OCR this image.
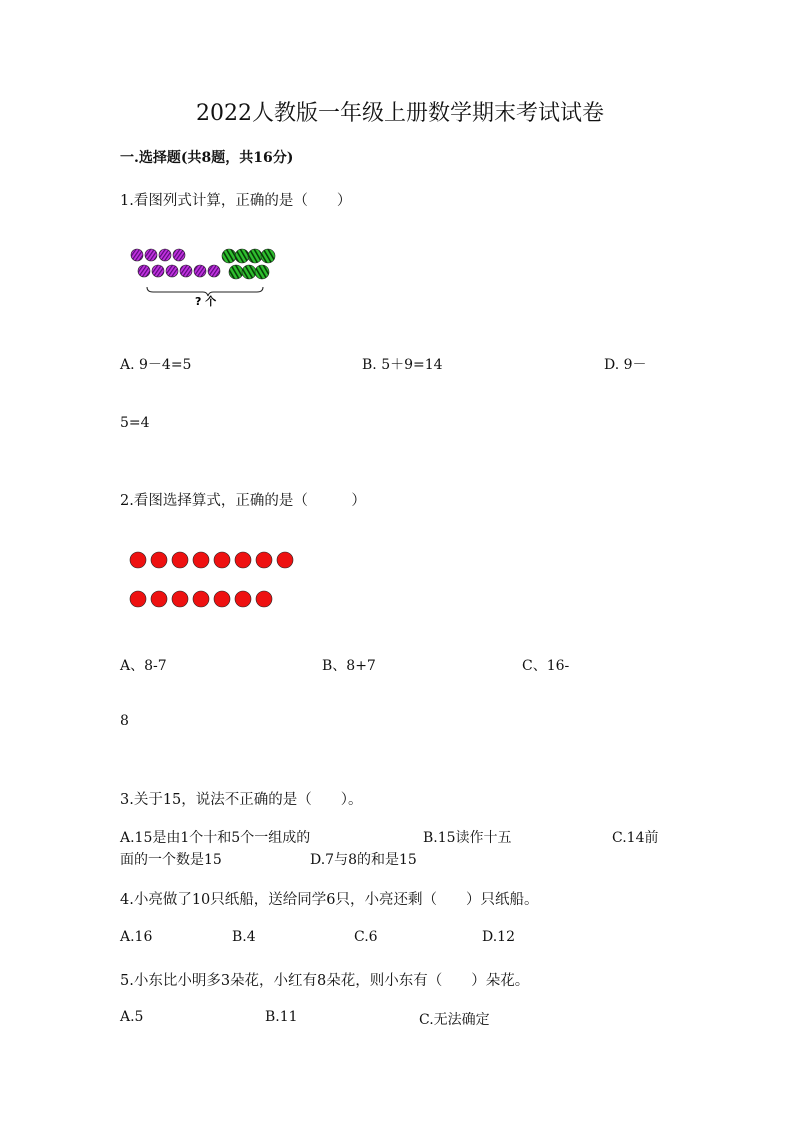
2022人教版一年级上册数学期末考试试卷
一.选择题(共8题，共16分)
1.看图列式计算，正确的是（　　）
? 个
A. 9－4=5	B. 5＋9=14	D. 9－
5=4
2.看图选择算式，正确的是（　　　）
A、8-7	B、8+7	C、16-
8
3.关于15，说法不正确的是（　　）。
A.15是由1个十和5个一组成的	B.15读作十五	C.14前
面的一个数是15	D.7与8的和是15
4.小亮做了10只纸船，送给同学6只，小亮还剩（　　）只纸船。
A.16	B.4	C.6	D.12
5.小东比小明多3朵花，小红有8朵花，则小东有（　　）朵花。
A.5	B.11	C.无法确定
